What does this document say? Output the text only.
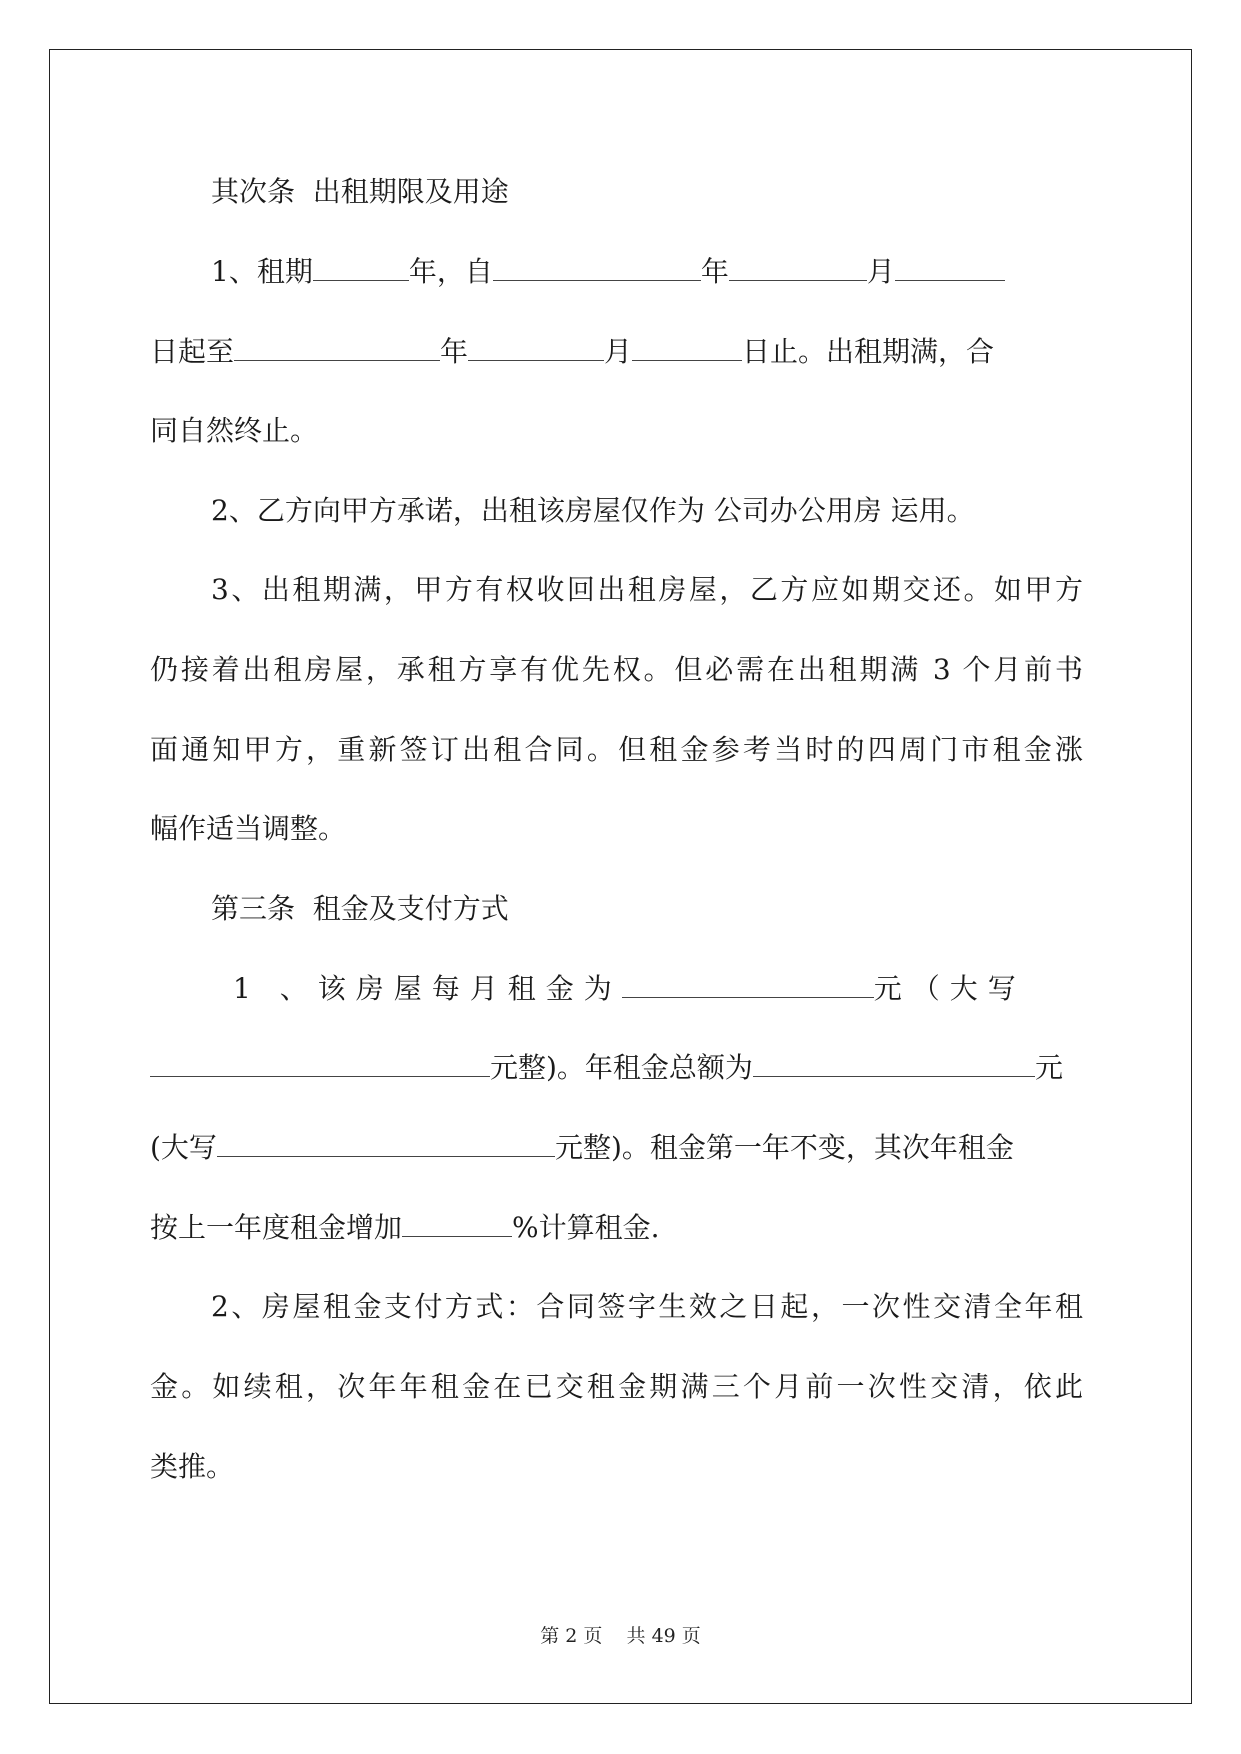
其次条  出租期限及用途
1、租期	年，自	年	月
日起至	年	月	日止。出租期满，合
同自然终止。
2、乙方向甲方承诺，出租该房屋仅作为 公司办公用房 运用。
3、出租期满，甲方有权收回出租房屋，乙方应如期交还。如甲方
仍接着出租房屋，承租方享有优先权。但必需在出租期满 3 个月前书
面通知甲方，重新签订出租合同。但租金参考当时的四周门市租金涨
幅作适当调整。
第三条  租金及支付方式
1 、该房屋每月租金为	元（大写
元整)。年租金总额为	元
(大写	元整)。租金第一年不变，其次年租金
按上一年度租金增加	%计算租金.
2、房屋租金支付方式：合同签字生效之日起，一次性交清全年租
金。如续租，次年年租金在已交租金期满三个月前一次性交清，依此
类推。
第 2 页    共 49 页
